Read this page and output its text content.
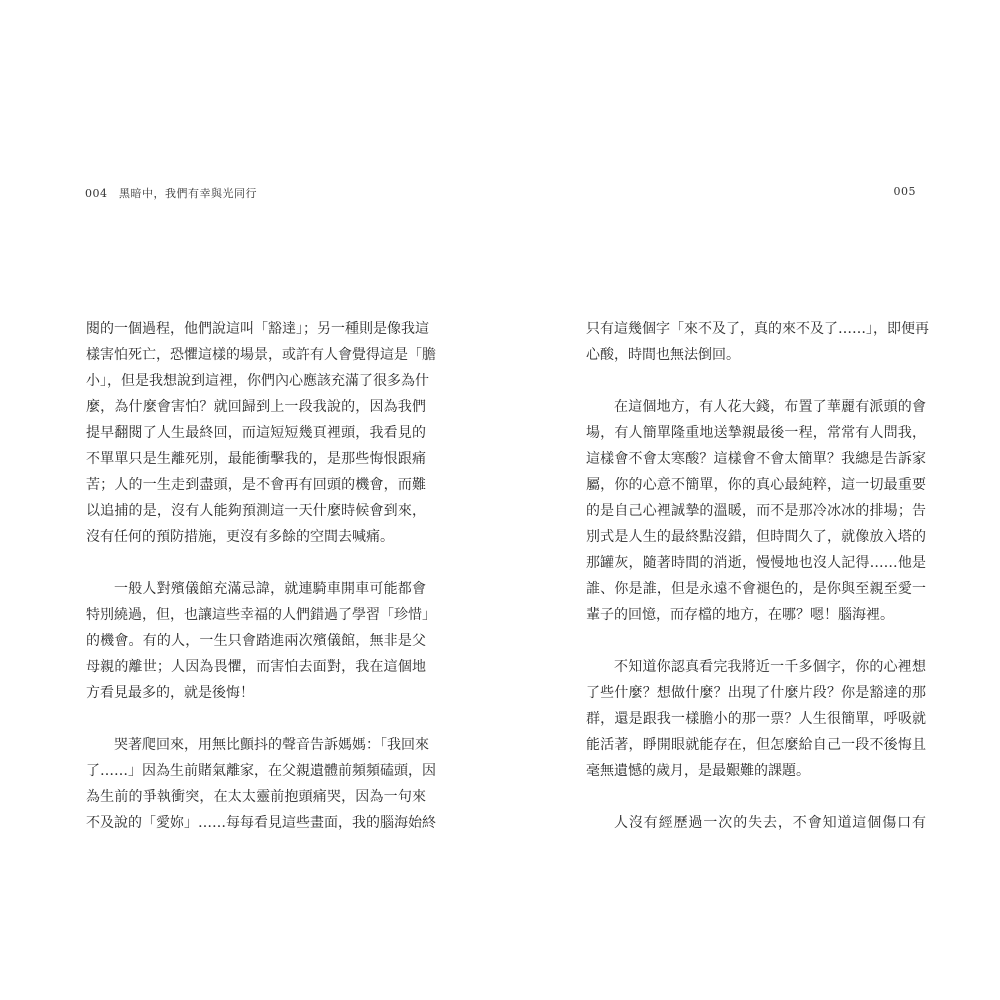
004　黑暗中，我們有幸與光同行
閱的一個過程，他們說這叫「豁達」；另一種則是像我這
樣害怕死亡，恐懼這樣的場景，或許有人會覺得這是「膽
小」，但是我想說到這裡，你們內心應該充滿了很多為什
麼，為什麼會害怕？就回歸到上一段我說的，因為我們
提早翻閱了人生最終回，而這短短幾頁裡頭，我看見的
不單單只是生離死別，最能衝擊我的，是那些悔恨跟痛
苦；人的一生走到盡頭，是不會再有回頭的機會，而難
以追捕的是，沒有人能夠預測這一天什麼時候會到來，
沒有任何的預防措施，更沒有多餘的空間去喊痛。
一般人對殯儀館充滿忌諱，就連騎車開車可能都會
特別繞過，但，也讓這些幸福的人們錯過了學習「珍惜」
的機會。有的人，一生只會踏進兩次殯儀館，無非是父
母親的離世；人因為畏懼，而害怕去面對，我在這個地
方看見最多的，就是後悔！
哭著爬回來，用無比顫抖的聲音告訴媽媽：「我回來
了……」因為生前賭氣離家，在父親遺體前頻頻磕頭，因
為生前的爭執衝突，在太太靈前抱頭痛哭，因為一句來
不及說的「愛妳」……每每看見這些畫面，我的腦海始終
005
只有這幾個字「來不及了，真的來不及了……」，即便再
心酸，時間也無法倒回。
在這個地方，有人花大錢，布置了華麗有派頭的會
場，有人簡單隆重地送摯親最後一程，常常有人問我，
這樣會不會太寒酸？這樣會不會太簡單？我總是告訴家
屬，你的心意不簡單，你的真心最純粹，這一切最重要
的是自己心裡誠摯的溫暖，而不是那冷冰冰的排場；告
別式是人生的最終點沒錯，但時間久了，就像放入塔的
那罐灰，隨著時間的消逝，慢慢地也沒人記得……他是
誰、你是誰，但是永遠不會褪色的，是你與至親至愛一
輩子的回憶，而存檔的地方，在哪？嗯！腦海裡。
不知道你認真看完我將近一千多個字，你的心裡想
了些什麼？想做什麼？出現了什麼片段？你是豁達的那
群，還是跟我一樣膽小的那一票？人生很簡單，呼吸就
能活著，睜開眼就能存在，但怎麼給自己一段不後悔且
毫無遺憾的歲月，是最艱難的課題。
人沒有經歷過一次的失去，不會知道這個傷口有
